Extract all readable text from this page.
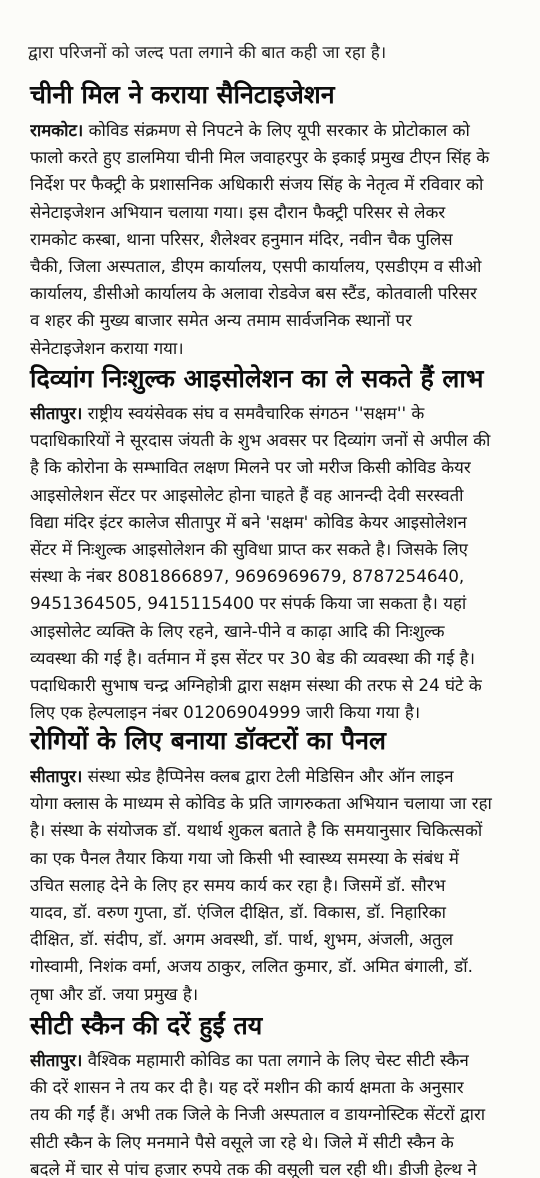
द्वारा परिजनों को जल्द पता लगाने की बात कही जा रहा है।
चीनी मिल ने कराया सैनिटाइजेशन
रामकोट। कोविड संक्रमण से निपटने के लिए यूपी सरकार के प्रोटोकाल को
फालो करते हुए डालमिया चीनी मिल जवाहरपुर के इकाई प्रमुख टीएन सिंह के
निर्देश पर फैक्ट्री के प्रशासनिक अधिकारी संजय सिंह के नेतृत्व में रविवार को
सेनेटाइजेशन अभियान चलाया गया। इस दौरान फैक्ट्री परिसर से लेकर
रामकोट कस्बा, थाना परिसर, शैलेश्वर हनुमान मंदिर, नवीन चैक पुलिस
चैकी, जिला अस्पताल, डीएम कार्यालय, एसपी कार्यालय, एसडीएम व सीओ
कार्यालय, डीसीओ कार्यालय के अलावा रोडवेज बस स्टैंड, कोतवाली परिसर
व शहर की मुख्य बाजार समेत अन्य तमाम सार्वजनिक स्थानों पर
सेनेटाइजेशन कराया गया।
दिव्यांग निःशुल्क आइसोलेशन का ले सकते हैं लाभ
सीतापुर। राष्ट्रीय स्वयंसेवक संघ व समवैचारिक संगठन ''सक्षम'' के
पदाधिकारियों ने सूरदास जंयती के शुभ अवसर पर दिव्यांग जनों से अपील की
है कि कोरोना के सम्भावित लक्षण मिलने पर जो मरीज किसी कोविड केयर
आइसोलेशन सेंटर पर आइसोलेट होना चाहते हैं वह आनन्दी देवी सरस्वती
विद्या मंदिर इंटर कालेज सीतापुर में बने 'सक्षम' कोविड केयर आइसोलेशन
सेंटर में निःशुल्क आइसोलेशन की सुविधा प्राप्त कर सकते है। जिसके लिए
संस्था के नंबर 8081866897, 9696969679, 8787254640,
9451364505, 9415115400 पर संपर्क किया जा सकता है। यहां
आइसोलेट व्यक्ति के लिए रहने, खाने-पीने व काढ़ा आदि की निःशुल्क
व्यवस्था की गई है। वर्तमान में इस सेंटर पर 30 बेड की व्यवस्था की गई है।
पदाधिकारी सुभाष चन्द्र अग्निहोत्री द्वारा सक्षम संस्था की तरफ से 24 घंटे के
लिए एक हेल्पलाइन नंबर 01206904999 जारी किया गया है।
रोगियों के लिए बनाया डॉक्टरों का पैनल
सीतापुर। संस्था स्प्रेड हैप्पिनेस क्लब द्वारा टेली मेडिसिन और ऑन लाइन
योगा क्लास के माध्यम से कोविड के प्रति जागरुकता अभियान चलाया जा रहा
है। संस्था के संयोजक डॉ. यथार्थ शुकल बताते है कि समयानुसार चिकित्सकों
का एक पैनल तैयार किया गया जो किसी भी स्वास्थ्य समस्या के संबंध में
उचित सलाह देने के लिए हर समय कार्य कर रहा है। जिसमें डॉ. सौरभ
यादव, डॉ. वरुण गुप्ता, डॉ. एंजिल दीक्षित, डॉ. विकास, डॉ. निहारिका
दीक्षित, डॉ. संदीप, डॉ. अगम अवस्थी, डॉ. पार्थ, शुभम, अंजली, अतुल
गोस्वामी, निशंक वर्मा, अजय ठाकुर, ललित कुमार, डॉ. अमित बंगाली, डॉ.
तृषा और डॉ. जया प्रमुख है।
सीटी स्कैन की दरें हुईं तय
सीतापुर। वैश्विक महामारी कोविड का पता लगाने के लिए चेस्ट सीटी स्कैन
की दरें शासन ने तय कर दी है। यह दरें मशीन की कार्य क्षमता के अनुसार
तय की गईं हैं। अभी तक जिले के निजी अस्पताल व डायग्नोस्टिक सेंटरों द्वारा
सीटी स्कैन के लिए मनमाने पैसे वसूले जा रहे थे। जिले में सीटी स्कैन के
बदले में चार से पांच हजार रुपये तक की वसूली चल रही थी। डीजी हेल्थ ने
